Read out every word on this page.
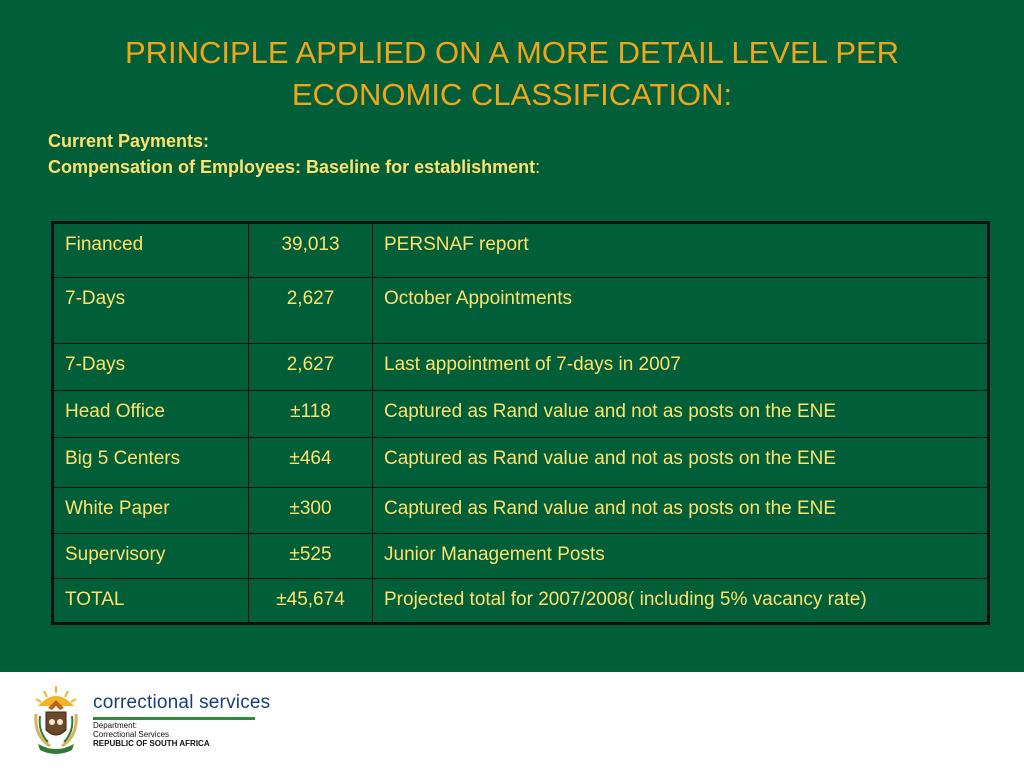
PRINCIPLE APPLIED ON A MORE DETAIL LEVEL PER ECONOMIC CLASSIFICATION:
Current Payments:
Compensation of Employees: Baseline for establishment:
Financed	39,013	PERSNAF report
7-Days	2,627	October Appointments
7-Days	2,627	Last appointment of 7-days in 2007
Head Office	±118	Captured as Rand value and not as posts on the ENE
Big 5 Centers	±464	Captured as Rand value and not as posts on the ENE
White Paper	±300	Captured as Rand value and not as posts on the ENE
Supervisory	±525	Junior Management Posts
TOTAL	±45,674	Projected total for 2007/2008( including 5% vacancy rate)
correctional services
Department:
Correctional Services
REPUBLIC OF SOUTH AFRICA
